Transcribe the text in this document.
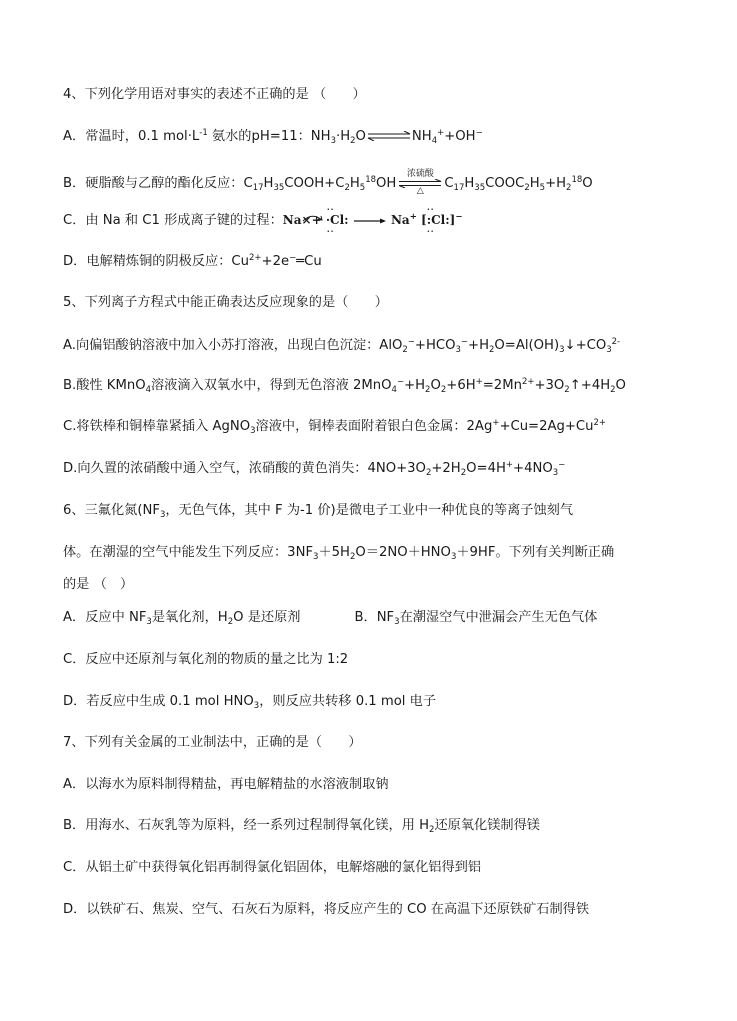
4、下列化学用语对事实的表述不正确的是 （　　）
A．常温时，0.1 $mol\cdot L^{-1}$ 氨水的pH=11：$NH_3\cdot H_2O\rightleftharpoons NH_4^++OH^-$
B．硬脂酸与乙醇的酯化反应：$C_{17}H_{35}COOH+C_2H_5^{18}OH$
浓硫酸
△ $C_{17}H_{35}COOC_2H_5+H_2^{18}O$
C．由 Na 和 C1 形成离子键的过程：Na×
+
··
·Cl:
··
Na+
··
[:Cl:]
··
−
D．电解精炼铜的阴极反应：$Cu^{2+}+2e^-═Cu$
5、下列离子方程式中能正确表达反应现象的是（　　）
A.向偏铝酸钠溶液中加入小苏打溶液，出现白色沉淀：$AlO_2^-+HCO_3^-+H_2O=Al(OH)_3↓+CO_3^{2-}$
B.酸性 KMnO$_4$溶液滴入双氧水中，得到无色溶液 $2MnO_4^-+H_2O_2+6H^+=2Mn^{2+}+3O_2↑+4H_2O$
C.将铁棒和铜棒靠紧插入 AgNO$_3$溶液中，铜棒表面附着银白色金属：$2Ag^++Cu=2Ag+Cu^{2+}$
D.向久置的浓硝酸中通入空气，浓硝酸的黄色消失：$4NO+3O_2+2H_2O=4H^++4NO_3^-$
6、三氟化氮($NF_3$，无色气体，其中 F 为-1 价)是微电子工业中一种优良的等离子蚀刻气
体。在潮湿的空气中能发生下列反应：$3NF_3+5H_2O=2NO+HNO_3+9HF$。下列有关判断正确
的是 （　）
A．反应中 $NF_3$是氧化剂，$H_2O$ 是还原剂	B．$NF_3$在潮湿空气中泄漏会产生无色气体
C．反应中还原剂与氧化剂的物质的量之比为 1:2
D．若反应中生成 0.1 mol $HNO_3$，则反应共转移 0.1 mol 电子
7、下列有关金属的工业制法中，正确的是（　　）
A．以海水为原料制得精盐，再电解精盐的水溶液制取钠
B．用海水、石灰乳等为原料，经一系列过程制得氧化镁，用 $H_2$还原氧化镁制得镁
C．从铝土矿中获得氧化铝再制得氯化铝固体，电解熔融的氯化铝得到铝
D．以铁矿石、焦炭、空气、石灰石为原料，将反应产生的 CO 在高温下还原铁矿石制得铁
